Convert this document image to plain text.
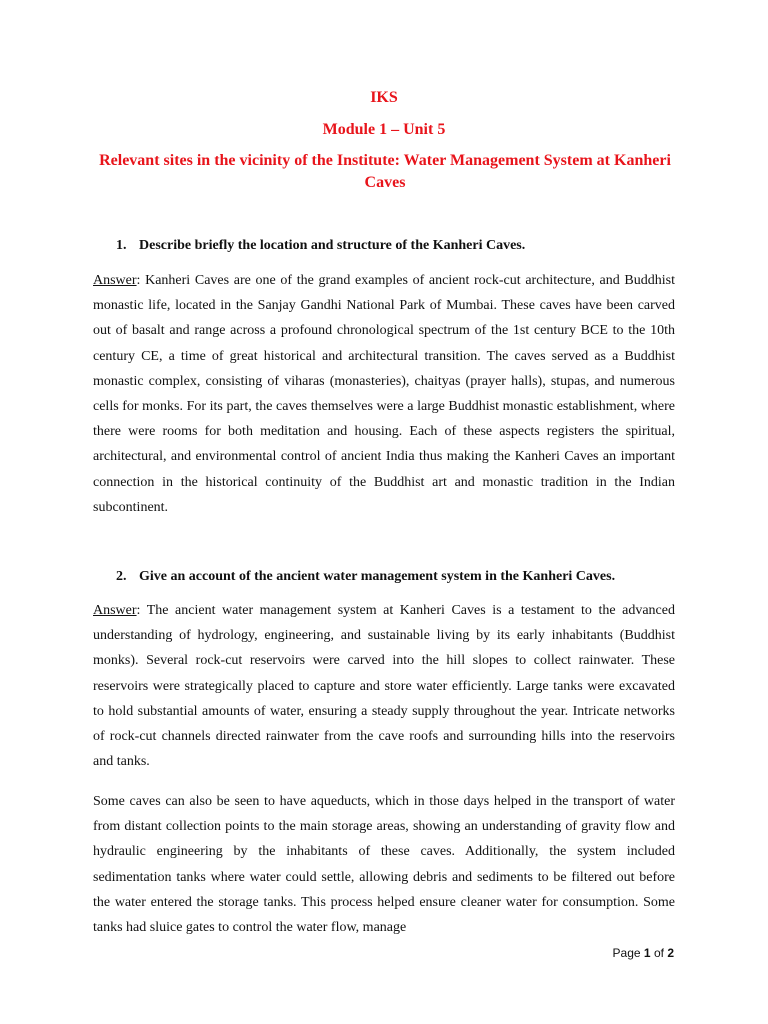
IKS
Module 1 – Unit 5
Relevant sites in the vicinity of the Institute: Water Management System at Kanheri Caves

1. Describe briefly the location and structure of the Kanheri Caves.

Answer: Kanheri Caves are one of the grand examples of ancient rock-cut architecture, and Buddhist monastic life, located in the Sanjay Gandhi National Park of Mumbai. These caves have been carved out of basalt and range across a profound chronological spectrum of the 1st century BCE to the 10th century CE, a time of great historical and architectural transition. The caves served as a Buddhist monastic complex, consisting of viharas (monasteries), chaityas (prayer halls), stupas, and numerous cells for monks. For its part, the caves themselves were a large Buddhist monastic establishment, where there were rooms for both meditation and housing. Each of these aspects registers the spiritual, architectural, and environmental control of ancient India thus making the Kanheri Caves an important connection in the historical continuity of the Buddhist art and monastic tradition in the Indian subcontinent.

2. Give an account of the ancient water management system in the Kanheri Caves.

Answer: The ancient water management system at Kanheri Caves is a testament to the advanced understanding of hydrology, engineering, and sustainable living by its early inhabitants (Buddhist monks). Several rock-cut reservoirs were carved into the hill slopes to collect rainwater. These reservoirs were strategically placed to capture and store water efficiently. Large tanks were excavated to hold substantial amounts of water, ensuring a steady supply throughout the year. Intricate networks of rock-cut channels directed rainwater from the cave roofs and surrounding hills into the reservoirs and tanks.

Some caves can also be seen to have aqueducts, which in those days helped in the transport of water from distant collection points to the main storage areas, showing an understanding of gravity flow and hydraulic engineering by the inhabitants of these caves. Additionally, the system included sedimentation tanks where water could settle, allowing debris and sediments to be filtered out before the water entered the storage tanks. This process helped ensure cleaner water for consumption. Some tanks had sluice gates to control the water flow, manage

Page 1 of 2
